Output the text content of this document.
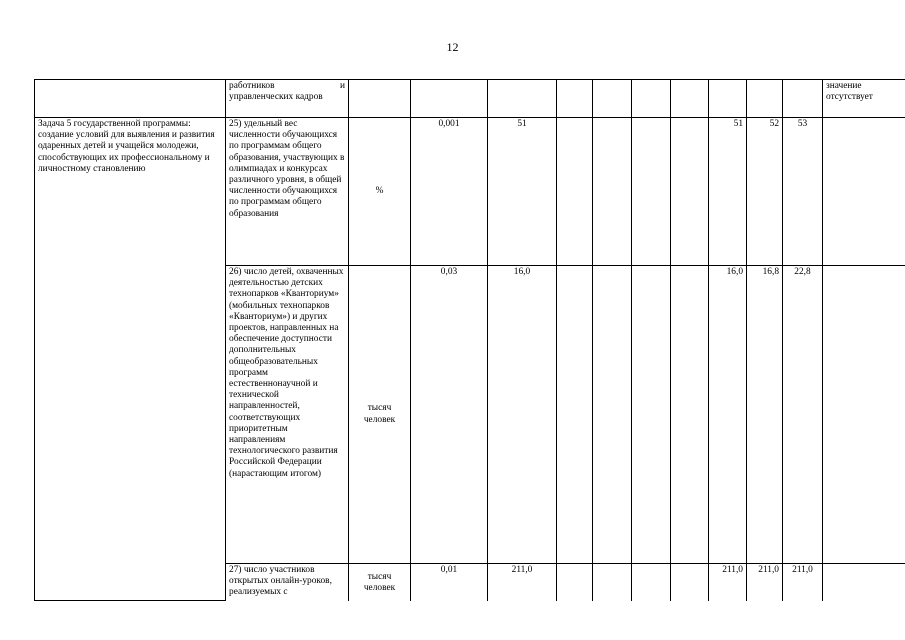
12

	работников и
управленческих кадров											значение отсутствует
Задача 5 государственной программы: создание условий для выявления и развития одаренных детей и учащейся молодежи, способствующих их профессиональному и личностному становлению	25) удельный вес численности обучающихся по программам общего образования, участвующих в олимпиадах и конкурсах различного уровня, в общей численности обучающихся по программам общего образования	%	0,001	51					51	52	53	
	26) число детей, охваченных деятельностью детских технопарков «Кванториум» (мобильных технопарков «Кванториум») и других проектов, направленных на обеспечение доступности дополнительных общеобразовательных программ естественнонаучной и технической направленностей, соответствующих приоритетным направлениям технологического развития Российской Федерации (нарастающим итогом)	тысяч человек	0,03	16,0					16,0	16,8	22,8	
	27) число участников открытых онлайн-уроков, реализуемых с	тысяч человек	0,01	211,0					211,0	211,0	211,0	
